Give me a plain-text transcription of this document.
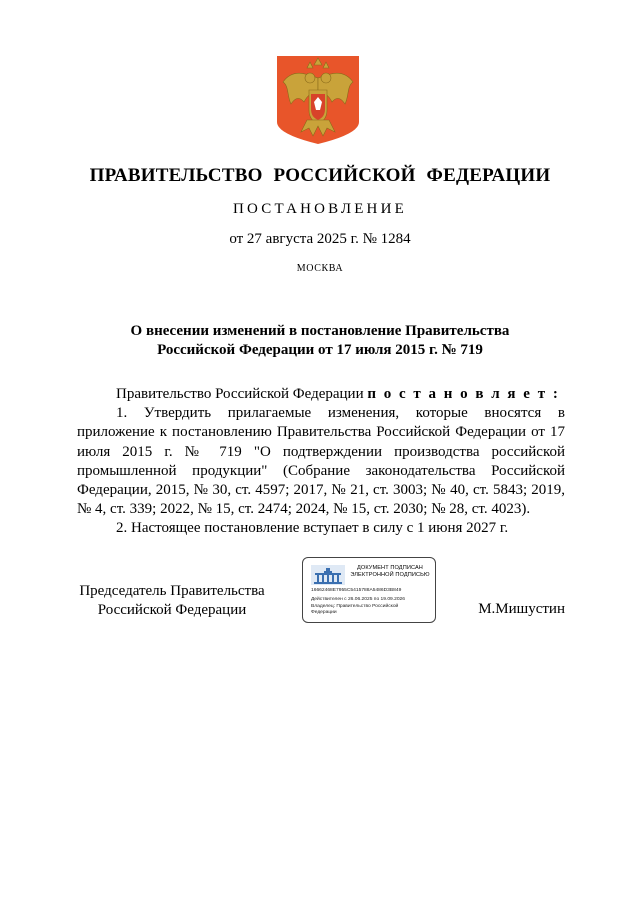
ПРАВИТЕЛЬСТВО РОССИЙСКОЙ ФЕДЕРАЦИИ
ПОСТАНОВЛЕНИЕ
от 27 августа 2025 г. № 1284
МОСКВА
О внесении изменений в постановление Правительства
Российской Федерации от 17 июля 2015 г. № 719

Правительство Российской Федерации п о с т а н о в л я е т :

1. Утвердить прилагаемые изменения, которые вносятся в приложение к постановлению Правительства Российской Федерации от 17 июля 2015 г. № 719 "О подтверждении производства российской промышленной продукции" (Собрание законодательства Российской Федерации, 2015, № 30, ст. 4597; 2017, № 21, ст. 3003; № 40, ст. 5843; 2019, № 4, ст. 339; 2022, № 15, ст. 2474; 2024, № 15, ст. 2030; № 28, ст. 4023).

2. Настоящее постановление вступает в силу с 1 июня 2027 г.

Председатель Правительства
Российской Федерации
ДОКУМЕНТ ПОДПИСАН
ЭЛЕКТРОННОЙ ПОДПИСЬЮ
16662468E7955C5415788A5486D3B849
Действителен с 26.06.2025 по 19.09.2026
Владелец: Правительство Российской
Федерации	М.Мишустин
